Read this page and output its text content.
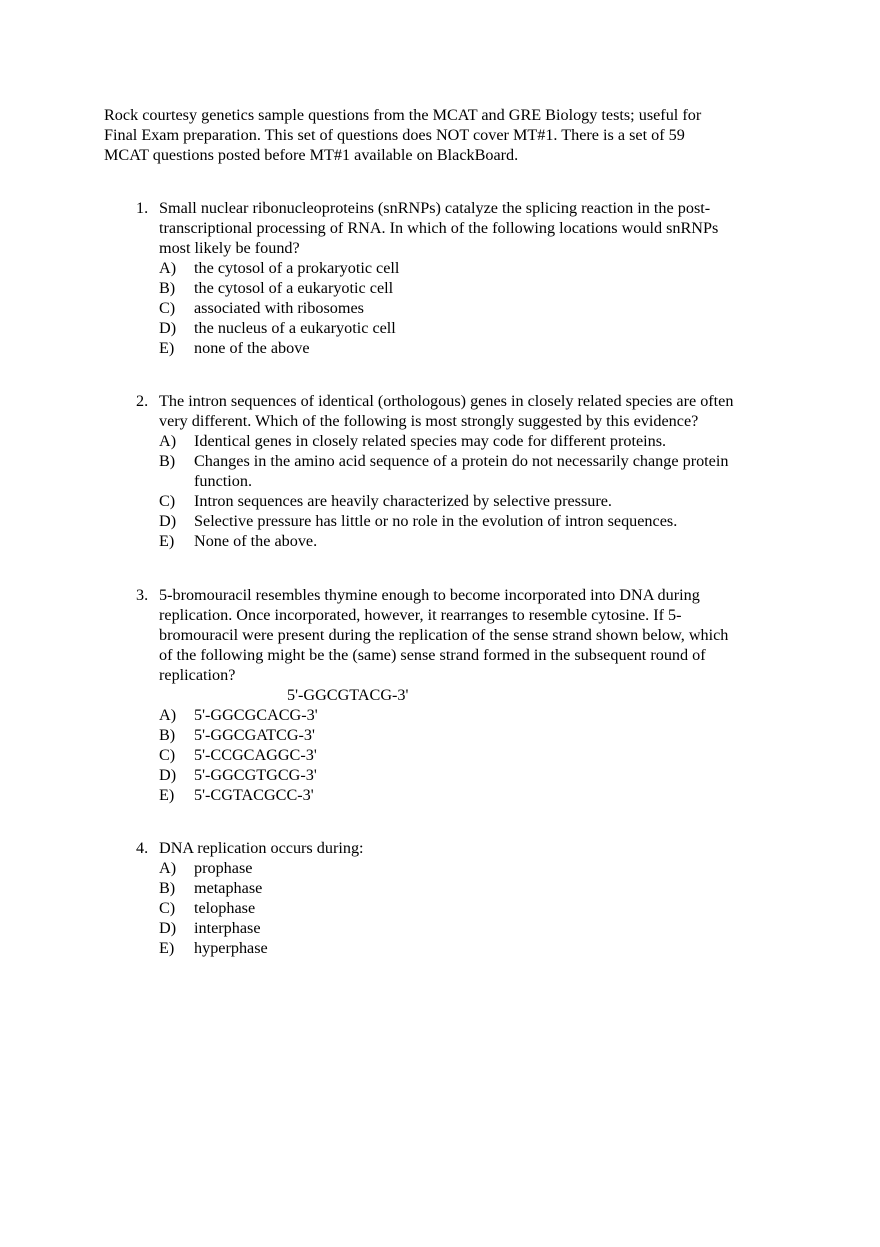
Rock courtesy genetics sample questions from the MCAT and GRE Biology tests; useful for
Final Exam preparation. This set of questions does NOT cover MT#1. There is a set of 59
MCAT questions posted before MT#1 available on BlackBoard.
1. Small nuclear ribonucleoproteins (snRNPs) catalyze the splicing reaction in the post-
transcriptional processing of RNA. In which of the following locations would snRNPs
most likely be found?
A) the cytosol of a prokaryotic cell
B) the cytosol of a eukaryotic cell
C) associated with ribosomes
D) the nucleus of a eukaryotic cell
E) none of the above
2. The intron sequences of identical (orthologous) genes in closely related species are often
very different. Which of the following is most strongly suggested by this evidence?
A) Identical genes in closely related species may code for different proteins.
B) Changes in the amino acid sequence of a protein do not necessarily change protein
function.
C) Intron sequences are heavily characterized by selective pressure.
D) Selective pressure has little or no role in the evolution of intron sequences.
E) None of the above.
3. 5-bromouracil resembles thymine enough to become incorporated into DNA during
replication. Once incorporated, however, it rearranges to resemble cytosine. If 5-
bromouracil were present during the replication of the sense strand shown below, which
of the following might be the (same) sense strand formed in the subsequent round of
replication?
5'-GGCGTACG-3'
A) 5'-GGCGCACG-3'
B) 5'-GGCGATCG-3'
C) 5'-CCGCAGGC-3'
D) 5'-GGCGTGCG-3'
E) 5'-CGTACGCC-3'
4. DNA replication occurs during:
A) prophase
B) metaphase
C) telophase
D) interphase
E) hyperphase
